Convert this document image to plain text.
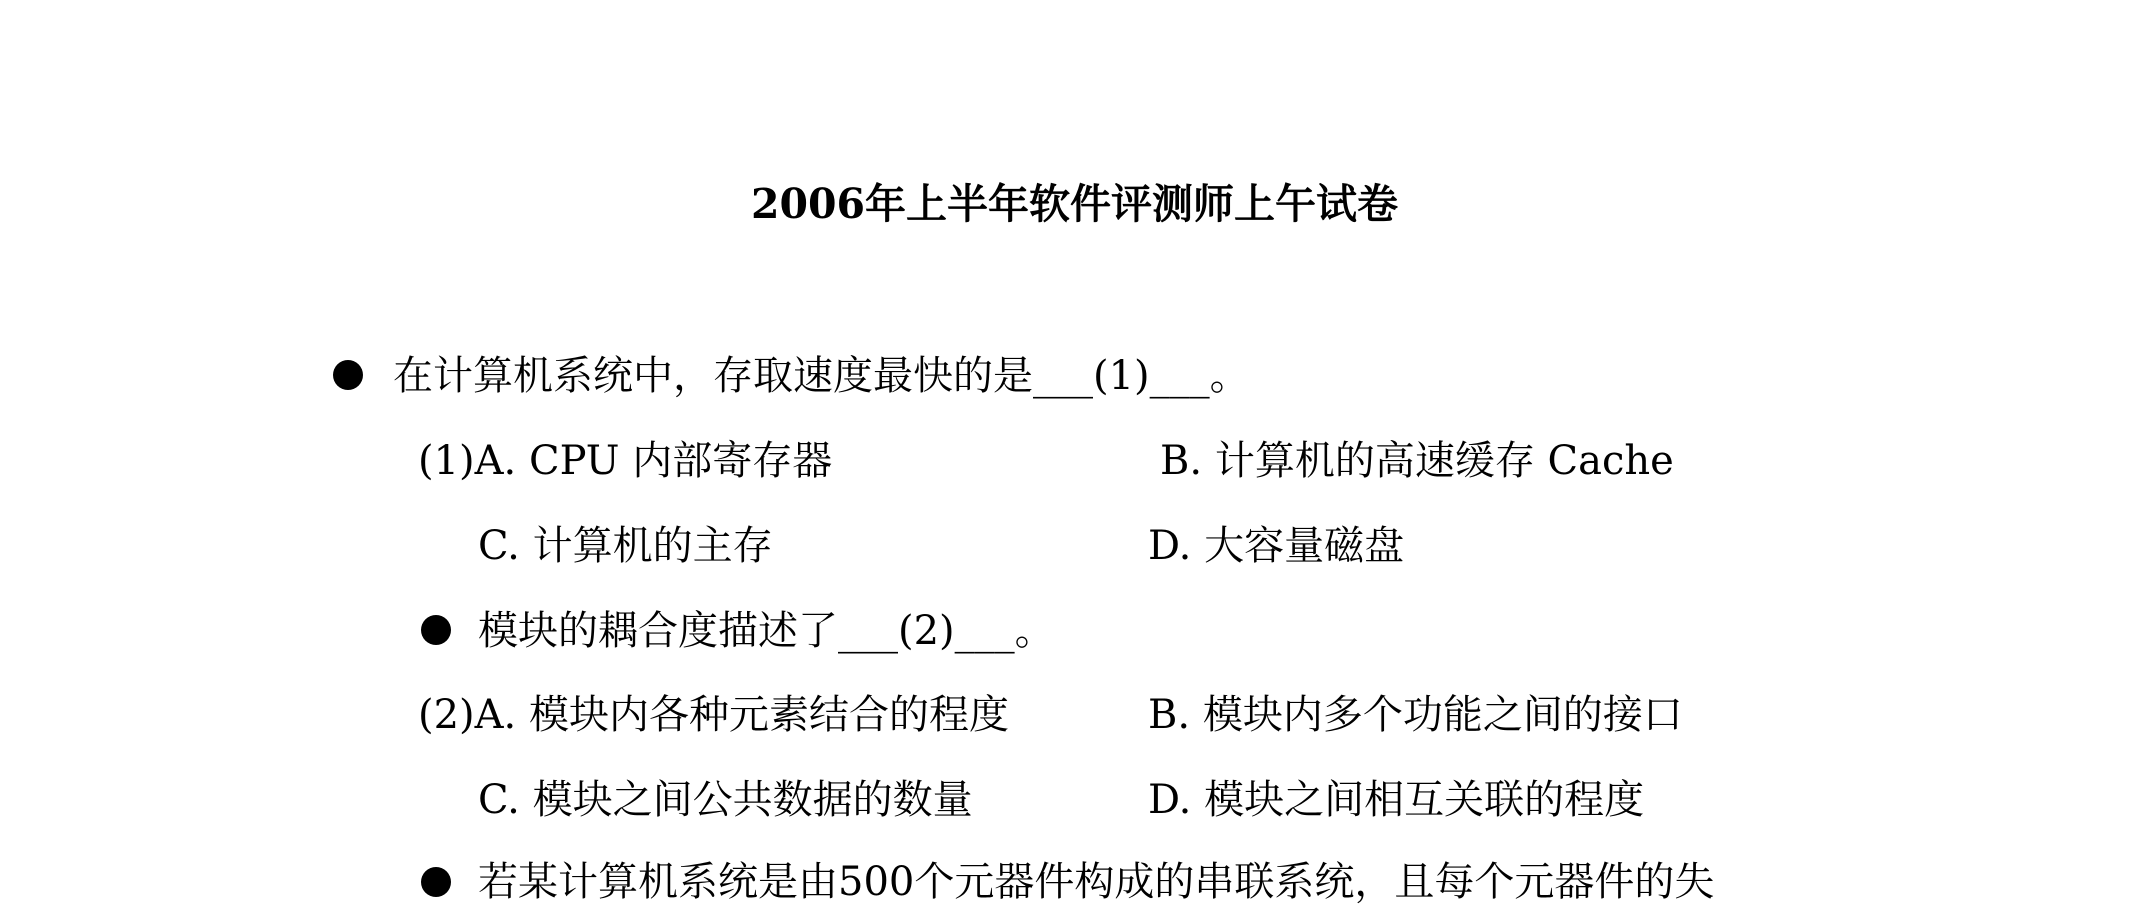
2006年上半年软件评测师上午试卷
在计算机系统中，存取速度最快的是___(1)___。
(1)A. CPU 内部寄存器	B. 计算机的高速缓存 Cache
C. 计算机的主存	D. 大容量磁盘
模块的耦合度描述了___(2)___。
(2)A. 模块内各种元素结合的程度	B. 模块内多个功能之间的接口
C. 模块之间公共数据的数量	D. 模块之间相互关联的程度
若某计算机系统是由500个元器件构成的串联系统，且每个元器件的失
